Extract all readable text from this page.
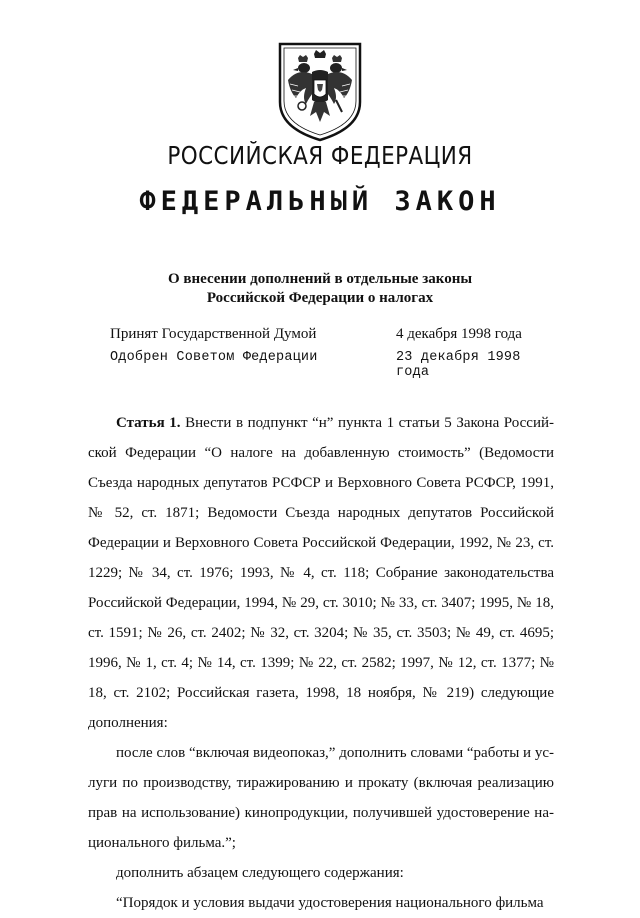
РОССИЙСКАЯ ФЕДЕРАЦИЯ
ФЕДЕРАЛЬНЫЙ ЗАКОН
О внесении дополнений в отдельные законы
Российской Федерации о налогах
Принят Государственной Думой	4 декабря 1998 года
Одобрен Советом Федерации	23 декабря 1998 года

Статья 1. Внести в подпункт “н” пункта 1 статьи 5 Закона Российской Федерации “О налоге на добавленную стоимость” (Ведомости Съезда народных депутатов РСФСР и Верховного Совета РСФСР, 1991, № 52, ст. 1871; Ведомости Съезда народных депутатов Российской Федерации и Верховного Совета Российской Федерации, 1992, № 23, ст. 1229; № 34, ст. 1976; 1993, № 4, ст. 118; Собрание законодательства Российской Федерации, 1994, № 29, ст. 3010; № 33, ст. 3407; 1995, № 18, ст. 1591; № 26, ст. 2402; № 32, ст. 3204; № 35, ст. 3503; № 49, ст. 4695; 1996, № 1, ст. 4; № 14, ст. 1399; № 22, ст. 2582; 1997, № 12, ст. 1377; № 18, ст. 2102; Российская газета, 1998, 18 ноября, № 219) следующие дополнения:

после слов “включая видеопоказ,” дополнить словами “работы и услуги по производству, тиражированию и прокату (включая реализацию прав на использование) кинопродукции, получившей удостоверение национального фильма.”;

дополнить абзацем следующего содержания:

“Порядок и условия выдачи удостоверения национального фильма
